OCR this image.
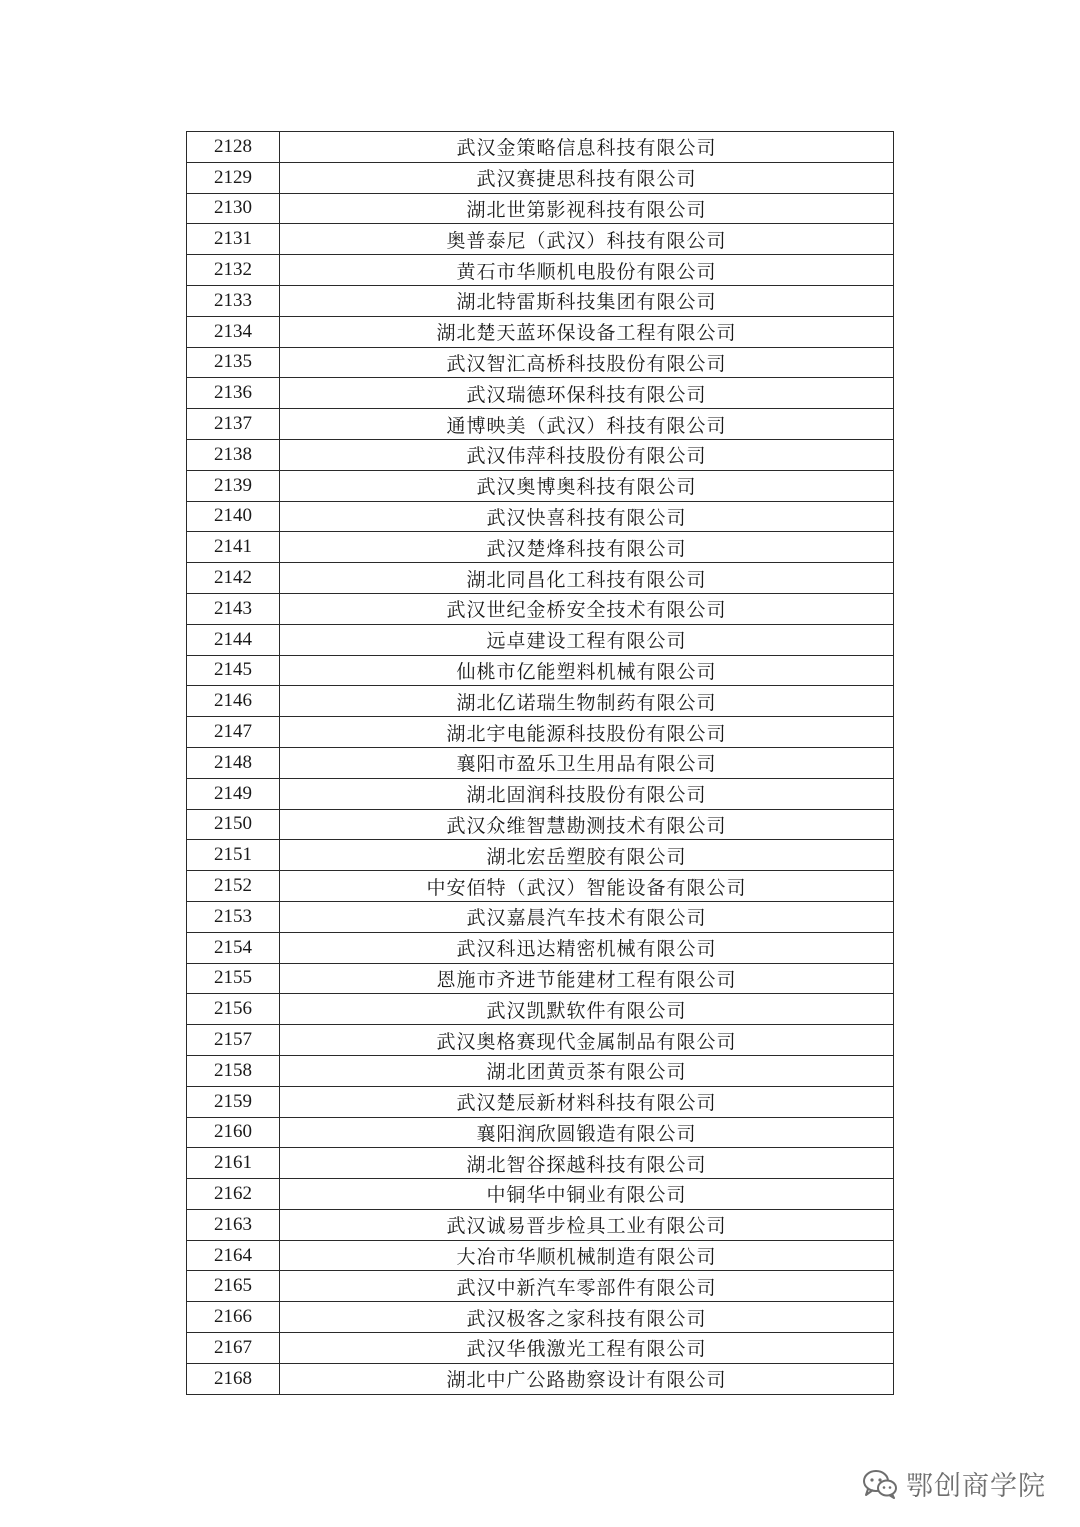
2128	武汉金策略信息科技有限公司
2129	武汉赛捷思科技有限公司
2130	湖北世第影视科技有限公司
2131	奥普泰尼（武汉）科技有限公司
2132	黄石市华顺机电股份有限公司
2133	湖北特雷斯科技集团有限公司
2134	湖北楚天蓝环保设备工程有限公司
2135	武汉智汇高桥科技股份有限公司
2136	武汉瑞德环保科技有限公司
2137	通博映美（武汉）科技有限公司
2138	武汉伟萍科技股份有限公司
2139	武汉奥博奥科技有限公司
2140	武汉快喜科技有限公司
2141	武汉楚烽科技有限公司
2142	湖北同昌化工科技有限公司
2143	武汉世纪金桥安全技术有限公司
2144	远卓建设工程有限公司
2145	仙桃市亿能塑料机械有限公司
2146	湖北亿诺瑞生物制药有限公司
2147	湖北宇电能源科技股份有限公司
2148	襄阳市盈乐卫生用品有限公司
2149	湖北固润科技股份有限公司
2150	武汉众维智慧勘测技术有限公司
2151	湖北宏岳塑胶有限公司
2152	中安佰特（武汉）智能设备有限公司
2153	武汉嘉晨汽车技术有限公司
2154	武汉科迅达精密机械有限公司
2155	恩施市齐进节能建材工程有限公司
2156	武汉凯默软件有限公司
2157	武汉奥格赛现代金属制品有限公司
2158	湖北团黄贡茶有限公司
2159	武汉楚辰新材料科技有限公司
2160	襄阳润欣圆锻造有限公司
2161	湖北智谷探越科技有限公司
2162	中铜华中铜业有限公司
2163	武汉诚易晋步检具工业有限公司
2164	大冶市华顺机械制造有限公司
2165	武汉中新汽车零部件有限公司
2166	武汉极客之家科技有限公司
2167	武汉华俄激光工程有限公司
2168	湖北中广公路勘察设计有限公司
鄂创商学院
